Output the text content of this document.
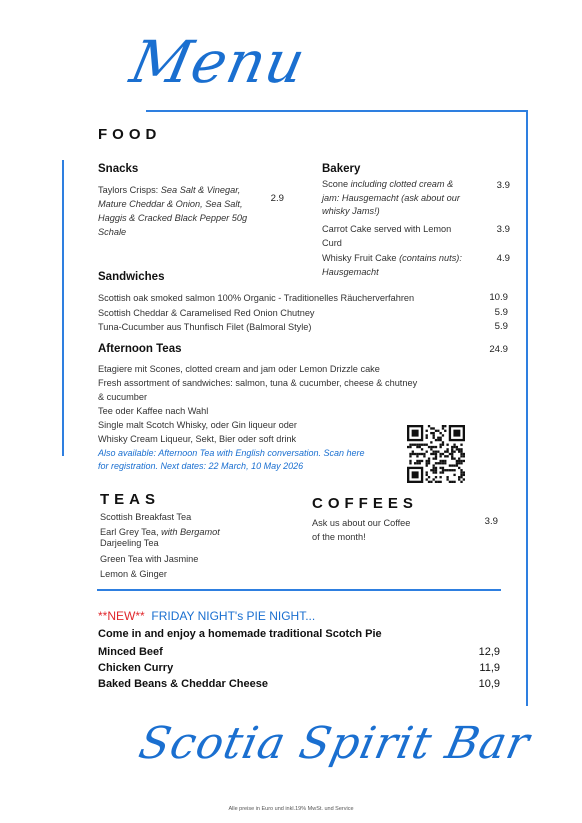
Menu
FOOD
Snacks
Taylors Crisps: Sea Salt & Vinegar,
Mature Cheddar & Onion, Sea Salt,
Haggis & Cracked Black Pepper 50g
Schale
2.9
Bakery
Scone including clotted cream &
jam: Hausgemacht (ask about our
whisky Jams!)
3.9
Carrot Cake served with Lemon
Curd
3.9
Whisky Fruit Cake (contains nuts):
Hausgemacht
4.9
Sandwiches
Scottish oak smoked salmon 100% Organic - Traditionelles Räucherverfahren	10.9
Scottish Cheddar & Caramelised Red Onion Chutney	5.9
Tuna-Cucumber aus Thunfisch Filet (Balmoral Style)	5.9
Afternoon Teas	24.9
Etagiere mit Scones, clotted cream and jam oder Lemon Drizzle cake
Fresh assortment of sandwiches: salmon, tuna & cucumber, cheese & chutney
& cucumber
Tee oder Kaffee nach Wahl
Single malt Scotch Whisky, oder Gin liqueur oder
Whisky Cream Liqueur, Sekt, Bier oder soft drink
Also available: Afternoon Tea with English conversation. Scan here
for registration. Next dates: 22 March, 10 May 2026
TEAS
Scottish Breakfast Tea
Earl Grey Tea, with Bergamot
Darjeeling Tea
Green Tea with Jasmine
Lemon & Ginger
COFFEES
Ask us about our Coffee
of the month!
3.9
**NEW** FRIDAY NIGHT's PIE NIGHT...
Come in and enjoy a homemade traditional Scotch Pie
Minced Beef	12,9
Chicken Curry	11,9
Baked Beans & Cheddar Cheese	10,9
Scotia Spirit Bar
Alle preise in Euro und inkl.19% MwSt. und Service
